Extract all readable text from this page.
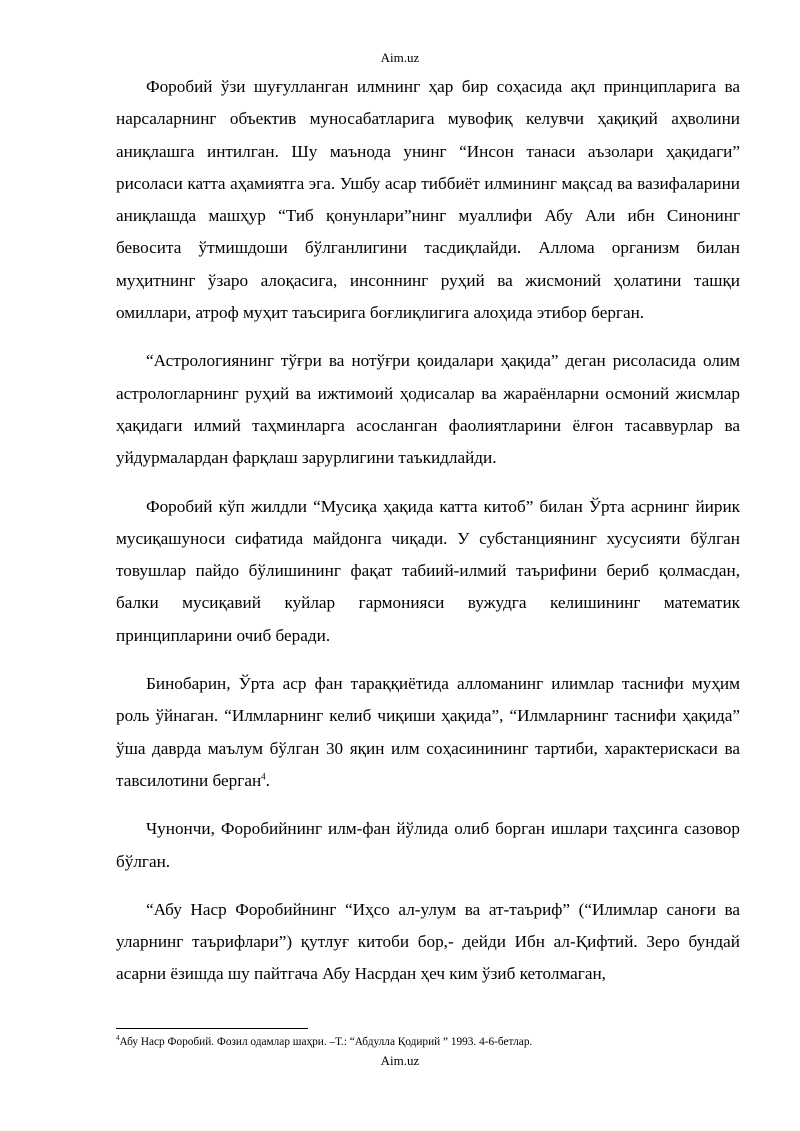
Aim.uz

Форобий ўзи шуғулланган илмнинг ҳар бир соҳасида ақл принципларига ва нарсаларнинг объектив муносабатларига мувофиқ келувчи ҳақиқий аҳволини аниқлашга интилган. Шу маънода унинг “Инсон танаси аъзолари ҳақидаги” рисоласи катта аҳамиятга эга. Ушбу асар тиббиёт илмининг мақсад ва вазифаларини аниқлашда машҳур “Тиб қонунлари”нинг муаллифи Абу Али ибн Синонинг бевосита ўтмишдоши бўлганлигини тасдиқлайди. Аллома организм билан муҳитнинг ўзаро алоқасига, инсоннинг руҳий ва жисмоний ҳолатини ташқи омиллари, атроф муҳит таъсирига боғлиқлигига алоҳида этибор берган.

“Астрологиянинг тўғри ва нотўғри қоидалари ҳақида” деган рисоласида олим астрологларнинг руҳий ва ижтимоий ҳодисалар ва жараёнларни осмоний жисмлар ҳақидаги илмий таҳминларга асосланган фаолиятларини ёлғон тасаввурлар ва уйдурмалардан фарқлаш зарурлигини таъкидлайди.

Форобий кўп жилдли “Мусиқа ҳақида катта китоб” билан Ўрта асрнинг йирик мусиқашуноси сифатида майдонга чиқади. У субстанциянинг хусусияти бўлган товушлар пайдо бўлишининг фақат табиий-илмий таърифини бериб қолмасдан, балки мусиқавий куйлар гармонияси вужудга келишининг математик принципларини очиб беради.

Бинобарин, Ўрта аср фан тараққиётида алломанинг илимлар таснифи муҳим роль ўйнаган. “Илмларнинг келиб чиқиши ҳақида”, “Илмларнинг таснифи ҳақида” ўша даврда маълум бўлган 30 яқин илм соҳасинининг тартиби, характерискаси ва тавсилотини берган$^4$.

Чунончи, Форобийнинг илм-фан йўлида олиб борган ишлари таҳсинга сазовор бўлган.

“Абу Наср Форобийнинг “Иҳсо ал-улум ва ат-таъриф” (“Илимлар саноғи ва уларнинг таърифлари”) қутлуғ китоби бор,- дейди Ибн ал-Қифтий. Зеро бундай асарни ёзишда шу пайтгача Абу Насрдан ҳеч ким ўзиб кетолмаган,

$^4$Абу Наср Форобий. Фозил одамлар шаҳри. –Т.: “Абдулла Қодирий ” 1993. 4-6-бетлар.
Aim.uz
